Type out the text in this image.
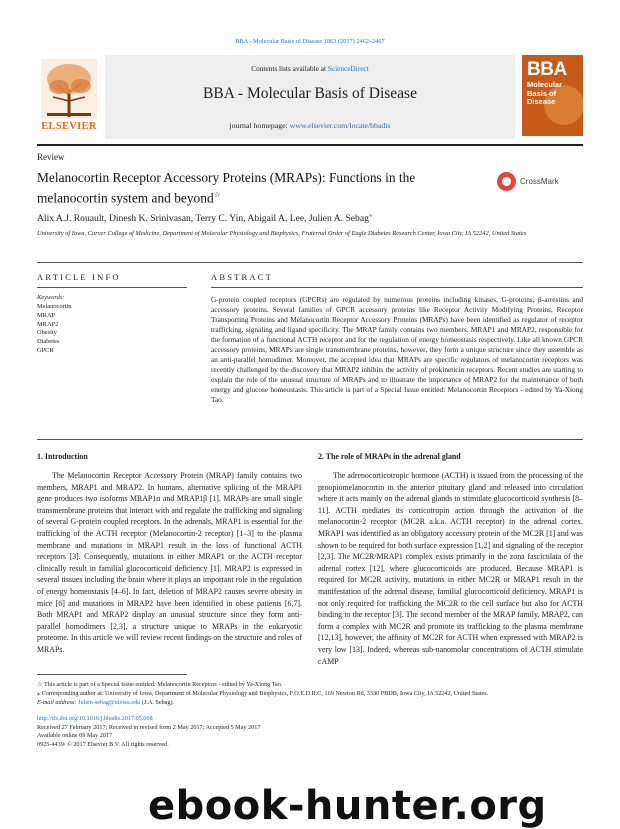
BBA - Molecular Basis of Disease 1863 (2017) 2462–2467
ELSEVIER
Contents lists available at ScienceDirect
BBA - Molecular Basis of Disease
journal homepage: www.elsevier.com/locate/bbadis
BBA
Molecular
Basis of
Disease
Review
Melanocortin Receptor Accessory Proteins (MRAPs): Functions in the melanocortin system and beyond☆
CrossMark
Alix A.J. Rouault, Dinesh K. Srinivasan, Terry C. Yin, Abigail A. Lee, Julien A. Sebag⁎
University of Iowa, Carver College of Medicine, Department of Molecular Physiology and Biophysics, Fraternal Order of Eagle Diabetes Research Center, Iowa City, IA 52242, United States
ARTICLE INFO
Keywords:
Melanocortin
MRAP
MRAP2
Obesity
Diabetes
GPCR
ABSTRACT
G-protein coupled receptors (GPCRs) are regulated by numerous proteins including kinases, G-proteins, β-arrestins and accessory proteins. Several families of GPCR accessory proteins like Receptor Activity Modifying Proteins, Receptor Transporting Proteins and Melanocortin Receptor Accessory Proteins (MRAPs) have been identified as regulator of receptor trafficking, signaling and ligand specificity. The MRAP family contains two members, MRAP1 and MRAP2, responsible for the formation of a functional ACTH receptor and for the regulation of energy homeostasis respectively. Like all known GPCR accessory proteins, MRAPs are single transmembrane proteins, however, they form a unique structure since they assemble as an anti-parallel homodimer. Moreover, the accepted idea that MRAPs are specific regulators of melanocortin receptors was recently challenged by the discovery that MRAP2 inhibits the activity of prokineticin receptors. Recent studies are starting to explain the role of the unusual structure of MRAPs and to illustrate the importance of MRAP2 for the maintenance of both energy and glucose homeostasis. This article is part of a Special Issue entitled: Melanocortin Receptors - edited by Ya-Xiong Tao.
1. Introduction
The Melanocortin Receptor Accessory Protein (MRAP) family contains two members, MRAP1 and MRAP2. In humans, alternative splicing of the MRAP1 gene produces two isoforms MRAP1α and MRAP1β [1]. MRAPs are small single transmembrane proteins that interact with and regulate the trafficking and signaling of several G-protein coupled receptors. In the adrenals, MRAP1 is essential for the trafficking of the ACTH receptor (Melanocortin-2 receptor) [1–3] to the plasma membrane and mutations in MRAP1 result in the loss of functional ACTH receptors [3]. Consequently, mutations in either MRAP1 or the ACTH receptor clinically result in familial glucocorticoid deficiency [1]. MRAP2 is expressed in several tissues including the brain where it plays an important role in the regulation of energy homeostasis [4–6]. In fact, deletion of MRAP2 causes severe obesity in mice [6] and mutations in MRAP2 have been identified in obese patients [6,7]. Both MRAP1 and MRAP2 display an unusual structure since they form anti-parallel homodimers [2,3], a structure unique to MRAPs in the eukaryotic proteome. In this article we will review recent findings on the structure and roles of MRAPs.
2. The role of MRAPs in the adrenal gland
The adrenocorticotropic hormone (ACTH) is issued from the processing of the proopiomelanocortin in the anterior pituitary gland and released into circulation where it acts mainly on the adrenal glands to stimulate glucocorticoid synthesis [8–11]. ACTH mediates its corticotropin action through the activation of the melanocortin-2 receptor (MC2R a.k.a. ACTH receptor) in the adrenal cortex. MRAP1 was identified as an obligatory accessory protein of the MC2R [1] and was shown to be required for both surface expression [1,2] and signaling of the receptor [2,3]. The MC2R/MRAP1 complex exists primarily in the zona fasciculata of the adrenal cortex [12], where glucocorticoids are produced. Because MRAP1 is required for MC2R activity, mutations in either MC2R or MRAP1 result in the manifestation of the adrenal disease, familial glucocorticoid deficiency. MRAP1 is not only required for trafficking the MC2R to the cell surface but also for ACTH binding to the receptor [3]. The second member of the MRAP family, MRAP2, can form a complex with MC2R and promote its trafficking to the plasma membrane [12,13], however, the affinity of MC2R for ACTH when expressed with MRAP2 is very low [13]. Indeed, whereas sub-nanomolar concentrations of ACTH stimulate cAMP
☆ This article is part of a Special Issue entitled: Melanocortin Receptors - edited by Ya-Xiong Tao.
⁎ Corresponding author at: University of Iowa, Department of Molecular Physiology and Biophysics, F.O.E.D.R.C, 169 Newton Rd, 3330 PBDB, Iowa City, IA 52242, United States.
E-mail address: Julien-sebag@uiowa.edu (J.A. Sebag).
http://dx.doi.org/10.1016/j.bbadis.2017.05.008
Received 27 February 2017; Received in revised form 2 May 2017; Accepted 5 May 2017
Available online 09 May 2017
0925-4439/ © 2017 Elsevier B.V. All rights reserved.
ebook-hunter.org
